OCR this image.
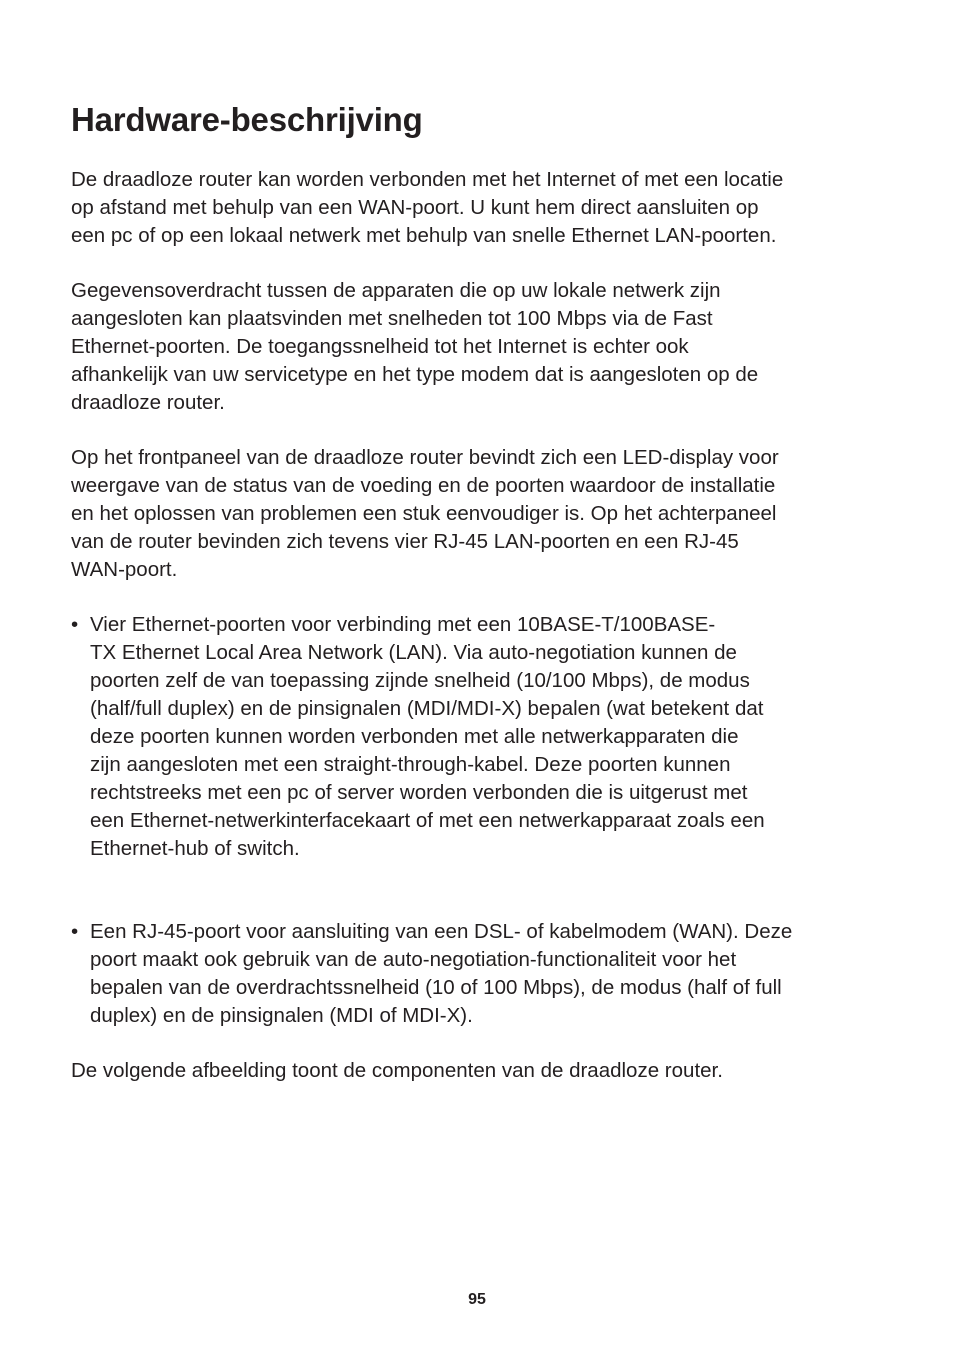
Hardware-beschrijving

De draadloze router kan worden verbonden met het Internet of met een locatie
op afstand met behulp van een WAN-poort. U kunt hem direct aansluiten op
een pc of op een lokaal netwerk met behulp van snelle Ethernet LAN-poorten.

Gegevensoverdracht tussen de apparaten die op uw lokale netwerk zijn
aangesloten kan plaatsvinden met snelheden tot 100 Mbps via de Fast
Ethernet-poorten. De toegangssnelheid tot het Internet is echter ook
afhankelijk van uw servicetype en het type modem dat is aangesloten op de
draadloze router.

Op het frontpaneel van de draadloze router bevindt zich een LED-display voor
weergave van de status van de voeding en de poorten waardoor de installatie
en het oplossen van problemen een stuk eenvoudiger is. Op het achterpaneel
van de router bevinden zich tevens vier RJ-45 LAN-poorten en een RJ-45
WAN-poort.

• Vier Ethernet-poorten voor verbinding met een 10BASE-T/100BASE-
TX Ethernet Local Area Network (LAN). Via auto-negotiation kunnen de
poorten zelf de van toepassing zijnde snelheid (10/100 Mbps), de modus
(half/full duplex) en de pinsignalen (MDI/MDI-X) bepalen (wat betekent dat
deze poorten kunnen worden verbonden met alle netwerkapparaten die
zijn aangesloten met een straight-through-kabel. Deze poorten kunnen
rechtstreeks met een pc of server worden verbonden die is uitgerust met
een Ethernet-netwerkinterfacekaart of met een netwerkapparaat zoals een
Ethernet-hub of switch.
• Een RJ-45-poort voor aansluiting van een DSL- of kabelmodem (WAN). Deze
poort maakt ook gebruik van de auto-negotiation-functionaliteit voor het
bepalen van de overdrachtssnelheid (10 of 100 Mbps), de modus (half of full
duplex) en de pinsignalen (MDI of MDI-X).

De volgende afbeelding toont de componenten van de draadloze router.

95
